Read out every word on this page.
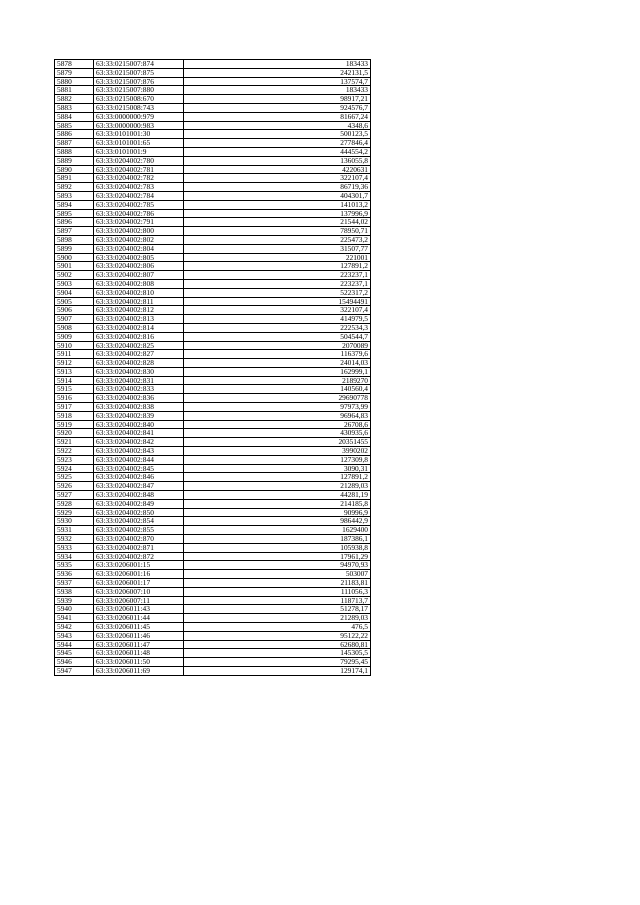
5878	63:33:0215007:874	183433
5879	63:33:0215007:875	242131,5
5880	63:33:0215007:876	137574,7
5881	63:33:0215007:880	183433
5882	63:33:0215008:670	98917,21
5883	63:33:0215008:743	924576,7
5884	63:33:0000000:979	81667,24
5885	63:33:0000000:983	4348,6
5886	63:33:0101001:30	500123,5
5887	63:33:0101001:65	277846,4
5888	63:33:0101001:9	444554,2
5889	63:33:0204002:780	136055,8
5890	63:33:0204002:781	4220631
5891	63:33:0204002:782	322107,4
5892	63:33:0204002:783	86719,36
5893	63:33:0204002:784	404301,7
5894	63:33:0204002:785	141013,2
5895	63:33:0204002:786	137996,9
5896	63:33:0204002:791	21544,02
5897	63:33:0204002:800	78950,71
5898	63:33:0204002:802	225473,2
5899	63:33:0204002:804	31507,77
5900	63:33:0204002:805	221001
5901	63:33:0204002:806	127891,2
5902	63:33:0204002:807	223237,1
5903	63:33:0204002:808	223237,1
5904	63:33:0204002:810	522317,2
5905	63:33:0204002:811	15494491
5906	63:33:0204002:812	322107,4
5907	63:33:0204002:813	414979,5
5908	63:33:0204002:814	222534,3
5909	63:33:0204002:816	504544,7
5910	63:33:0204002:825	2070089
5911	63:33:0204002:827	116379,6
5912	63:33:0204002:828	24014,03
5913	63:33:0204002:830	162999,1
5914	63:33:0204002:831	2189270
5915	63:33:0204002:833	140560,4
5916	63:33:0204002:836	29690778
5917	63:33:0204002:838	97973,99
5918	63:33:0204002:839	96964,83
5919	63:33:0204002:840	26708,6
5920	63:33:0204002:841	430935,6
5921	63:33:0204002:842	20351455
5922	63:33:0204002:843	3990202
5923	63:33:0204002:844	127309,8
5924	63:33:0204002:845	3090,31
5925	63:33:0204002:846	127891,2
5926	63:33:0204002:847	21289,03
5927	63:33:0204002:848	44281,19
5928	63:33:0204002:849	214185,8
5929	63:33:0204002:850	90996,9
5930	63:33:0204002:854	986442,9
5931	63:33:0204002:855	1629400
5932	63:33:0204002:870	187386,1
5933	63:33:0204002:871	105938,8
5934	63:33:0204002:872	17961,29
5935	63:33:0206001:15	94970,93
5936	63:33:0206001:16	503007
5937	63:33:0206001:17	21183,81
5938	63:33:0206007:10	111056,3
5939	63:33:0206007:11	118713,7
5940	63:33:0206011:43	51278,17
5941	63:33:0206011:44	21289,03
5942	63:33:0206011:45	476,5
5943	63:33:0206011:46	95122,22
5944	63:33:0206011:47	62680,81
5945	63:33:0206011:48	145305,5
5946	63:33:0206011:50	79295,45
5947	63:33:0206011:69	129174,1
